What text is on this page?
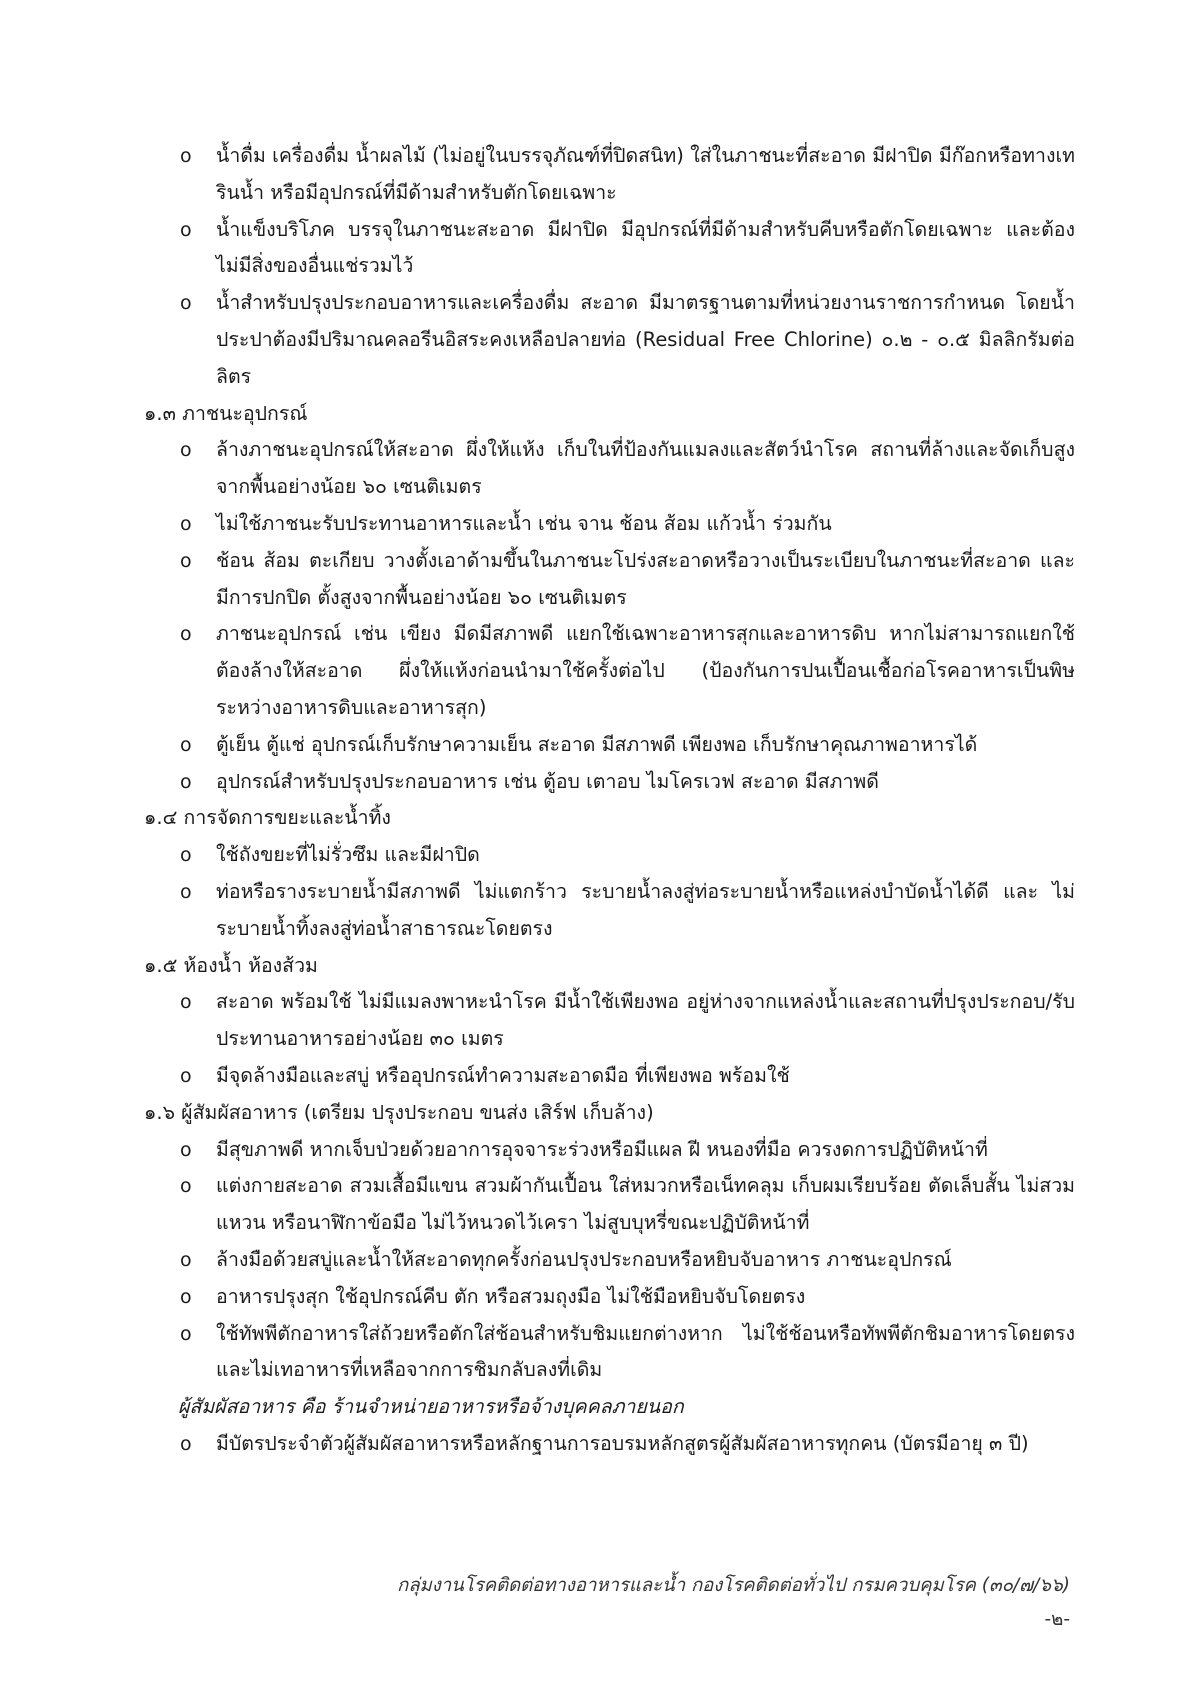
o น้ำดื่ม เครื่องดื่ม น้ำผลไม้ (ไม่อยู่ในบรรจุภัณฑ์ที่ปิดสนิท) ใส่ในภาชนะที่สะอาด มีฝาปิด มีก๊อกหรือทางเทรินน้ำ หรือมีอุปกรณ์ที่มีด้ามสำหรับตักโดยเฉพาะ
o น้ำแข็งบริโภค บรรจุในภาชนะสะอาด มีฝาปิด มีอุปกรณ์ที่มีด้ามสำหรับคีบหรือตักโดยเฉพาะ และต้องไม่มีสิ่งของอื่นแช่รวมไว้
o น้ำสำหรับปรุงประกอบอาหารและเครื่องดื่ม สะอาด มีมาตรฐานตามที่หน่วยงานราชการกำหนด โดยน้ำประปาต้องมีปริมาณคลอรีนอิสระคงเหลือปลายท่อ (Residual Free Chlorine) ๐.๒ - ๐.๕ มิลลิกรัมต่อลิตร
๑.๓ ภาชนะอุปกรณ์
o ล้างภาชนะอุปกรณ์ให้สะอาด ผึ่งให้แห้ง เก็บในที่ป้องกันแมลงและสัตว์นำโรค สถานที่ล้างและจัดเก็บสูงจากพื้นอย่างน้อย ๖๐ เซนติเมตร
o ไม่ใช้ภาชนะรับประทานอาหารและน้ำ เช่น จาน ช้อน ส้อม แก้วน้ำ ร่วมกัน
o ช้อน ส้อม ตะเกียบ วางตั้งเอาด้ามขึ้นในภาชนะโปร่งสะอาดหรือวางเป็นระเบียบในภาชนะที่สะอาด และมีการปกปิด ตั้งสูงจากพื้นอย่างน้อย ๖๐ เซนติเมตร
o ภาชนะอุปกรณ์ เช่น เขียง มีดมีสภาพดี แยกใช้เฉพาะอาหารสุกและอาหารดิบ หากไม่สามารถแยกใช้ต้องล้างให้สะอาด ผึ่งให้แห้งก่อนนำมาใช้ครั้งต่อไป (ป้องกันการปนเปื้อนเชื้อก่อโรคอาหารเป็นพิษระหว่างอาหารดิบและอาหารสุก)
o ตู้เย็น ตู้แช่ อุปกรณ์เก็บรักษาความเย็น สะอาด มีสภาพดี เพียงพอ เก็บรักษาคุณภาพอาหารได้
o อุปกรณ์สำหรับปรุงประกอบอาหาร เช่น ตู้อบ เตาอบ ไมโครเวฟ สะอาด มีสภาพดี
๑.๔ การจัดการขยะและน้ำทิ้ง
o ใช้ถังขยะที่ไม่รั่วซึม และมีฝาปิด
o ท่อหรือรางระบายน้ำมีสภาพดี ไม่แตกร้าว ระบายน้ำลงสู่ท่อระบายน้ำหรือแหล่งบำบัดน้ำได้ดี และ ไม่ระบายน้ำทิ้งลงสู่ท่อน้ำสาธารณะโดยตรง
๑.๕ ห้องน้ำ ห้องส้วม
o สะอาด พร้อมใช้ ไม่มีแมลงพาหะนำโรค มีน้ำใช้เพียงพอ อยู่ห่างจากแหล่งน้ำและสถานที่ปรุงประกอบ/รับประทานอาหารอย่างน้อย ๓๐ เมตร
o มีจุดล้างมือและสบู่ หรืออุปกรณ์ทำความสะอาดมือ ที่เพียงพอ พร้อมใช้
๑.๖ ผู้สัมผัสอาหาร (เตรียม ปรุงประกอบ ขนส่ง เสิร์ฟ เก็บล้าง)
o มีสุขภาพดี หากเจ็บป่วยด้วยอาการอุจจาระร่วงหรือมีแผล ฝี หนองที่มือ ควรงดการปฏิบัติหน้าที่
o แต่งกายสะอาด สวมเสื้อมีแขน สวมผ้ากันเปื้อน ใส่หมวกหรือเน็ทคลุม เก็บผมเรียบร้อย ตัดเล็บสั้น ไม่สวมแหวน หรือนาฬิกาข้อมือ ไม่ไว้หนวดไว้เครา ไม่สูบบุหรี่ขณะปฏิบัติหน้าที่
o ล้างมือด้วยสบู่และน้ำให้สะอาดทุกครั้งก่อนปรุงประกอบหรือหยิบจับอาหาร ภาชนะอุปกรณ์
o อาหารปรุงสุก ใช้อุปกรณ์คีบ ตัก หรือสวมถุงมือ ไม่ใช้มือหยิบจับโดยตรง
o ใช้ทัพพีตักอาหารใส่ถ้วยหรือตักใส่ช้อนสำหรับชิมแยกต่างหาก ไม่ใช้ช้อนหรือทัพพีตักชิมอาหารโดยตรง และไม่เทอาหารที่เหลือจากการชิมกลับลงที่เดิม
ผู้สัมผัสอาหาร คือ ร้านจำหน่ายอาหารหรือจ้างบุคคลภายนอก
o มีบัตรประจำตัวผู้สัมผัสอาหารหรือหลักฐานการอบรมหลักสูตรผู้สัมผัสอาหารทุกคน (บัตรมีอายุ ๓ ปี)
กลุ่มงานโรคติดต่อทางอาหารและน้ำ กองโรคติดต่อทั่วไป กรมควบคุมโรค (๓๐/๗/๖๖)
-๒-
